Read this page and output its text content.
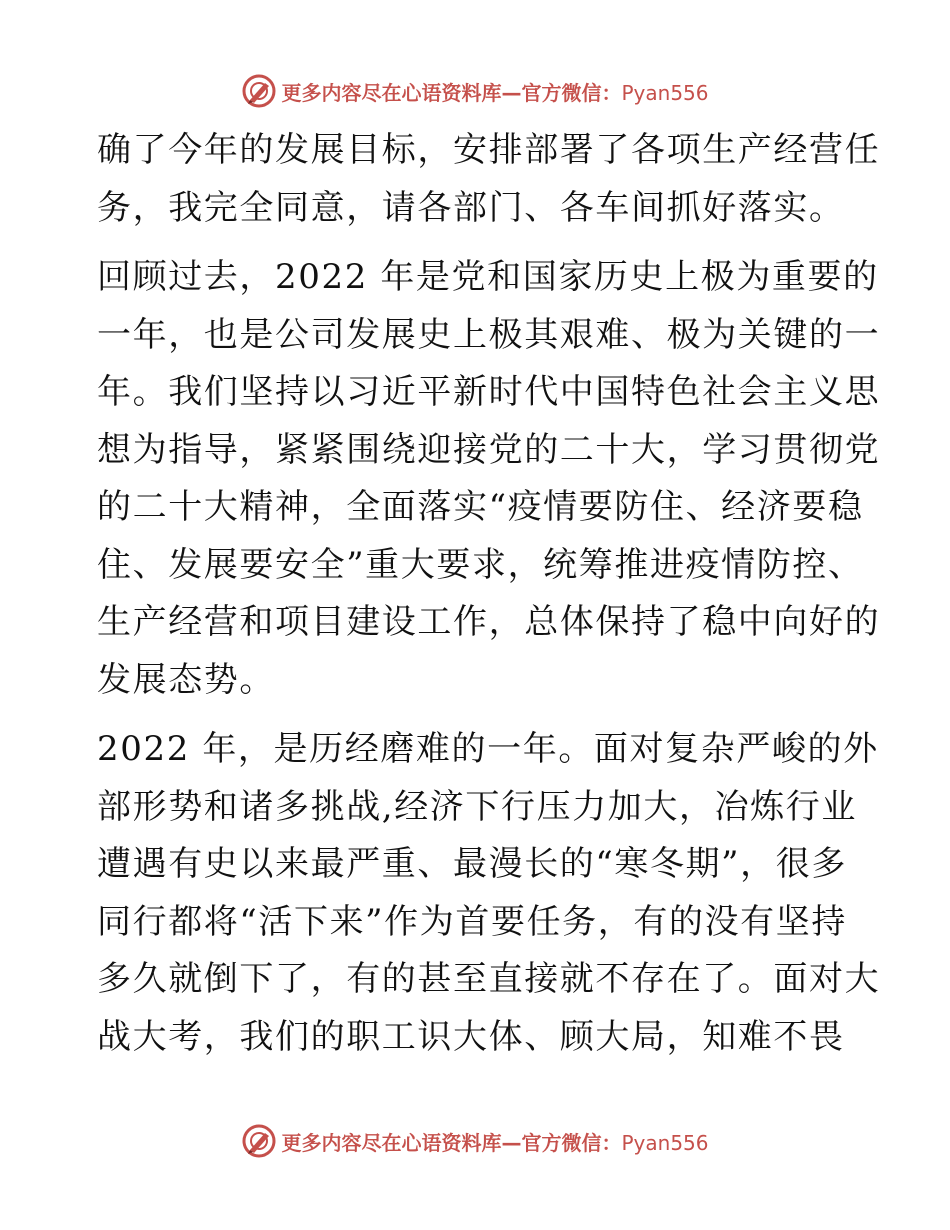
更多内容尽在心语资料库—官方微信：Pyan556
确了今年的发展目标，安排部署了各项生产经营任
务，我完全同意，请各部门、各车间抓好落实。
回顾过去，2022 年是党和国家历史上极为重要的
一年，也是公司发展史上极其艰难、极为关键的一
年。我们坚持以习近平新时代中国特色社会主义思
想为指导，紧紧围绕迎接党的二十大，学习贯彻党
的二十大精神，全面落实“疫情要防住、经济要稳
住、发展要安全”重大要求，统筹推进疫情防控、
生产经营和项目建设工作，总体保持了稳中向好的
发展态势。
2022 年，是历经磨难的一年。面对复杂严峻的外
部形势和诸多挑战,经济下行压力加大，冶炼行业
遭遇有史以来最严重、最漫长的“寒冬期”，很多
同行都将“活下来”作为首要任务，有的没有坚持
多久就倒下了，有的甚至直接就不存在了。面对大
战大考，我们的职工识大体、顾大局，知难不畏
更多内容尽在心语资料库—官方微信：Pyan556
